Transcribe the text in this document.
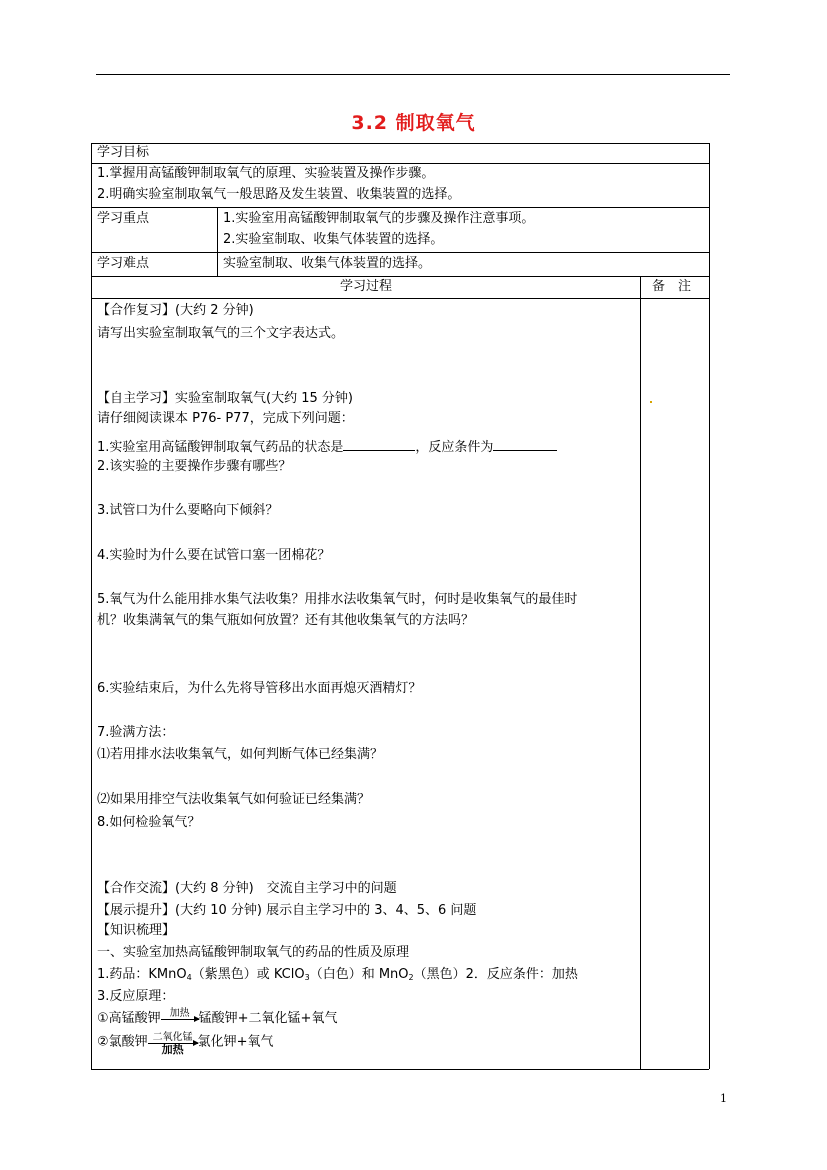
3.2 制取氧气
学习目标
1.掌握用高锰酸钾制取氧气的原理、实验装置及操作步骤。
2.明确实验室制取氧气一般思路及发生装置、收集装置的选择。
学习重点	1.实验室用高锰酸钾制取氧气的步骤及操作注意事项。
2.实验室制取、收集气体装置的选择。
学习难点	实验室制取、收集气体装置的选择。
学习过程	备　注
【合作复习】(大约 2 分钟)
请写出实验室制取氧气的三个文字表达式。
【自主学习】实验室制取氧气(大约 15 分钟)
请仔细阅读课本 P76- P77，完成下列问题：
1.实验室用高锰酸钾制取氧气药品的状态是	，反应条件为
2.该实验的主要操作步骤有哪些？
3.试管口为什么要略向下倾斜？
4.实验时为什么要在试管口塞一团棉花？
5.氧气为什么能用排水集气法收集？用排水法收集氧气时，何时是收集氧气的最佳时
机？收集满氧气的集气瓶如何放置？还有其他收集氧气的方法吗？
6.实验结束后，为什么先将导管移出水面再熄灭酒精灯？
7.验满方法：
⑴若用排水法收集氧气，如何判断气体已经集满？
⑵如果用排空气法收集氧气如何验证已经集满？
8.如何检验氧气？
【合作交流】(大约 8 分钟)　交流自主学习中的问题
【展示提升】(大约 10 分钟) 展示自主学习中的 3、4、5、6 问题
【知识梳理】
一、实验室加热高锰酸钾制取氧气的药品的性质及原理
1.药品：KMnO$_4$（紫黑色）或 KClO$_3$（白色）和 MnO$_2$（黑色）2．反应条件：加热
3.反应原理：
①高锰酸钾 加热 锰酸钾+二氧化锰+氧气
②氯酸钾 二氧化锰
加热	氯化钾+氧气
1
